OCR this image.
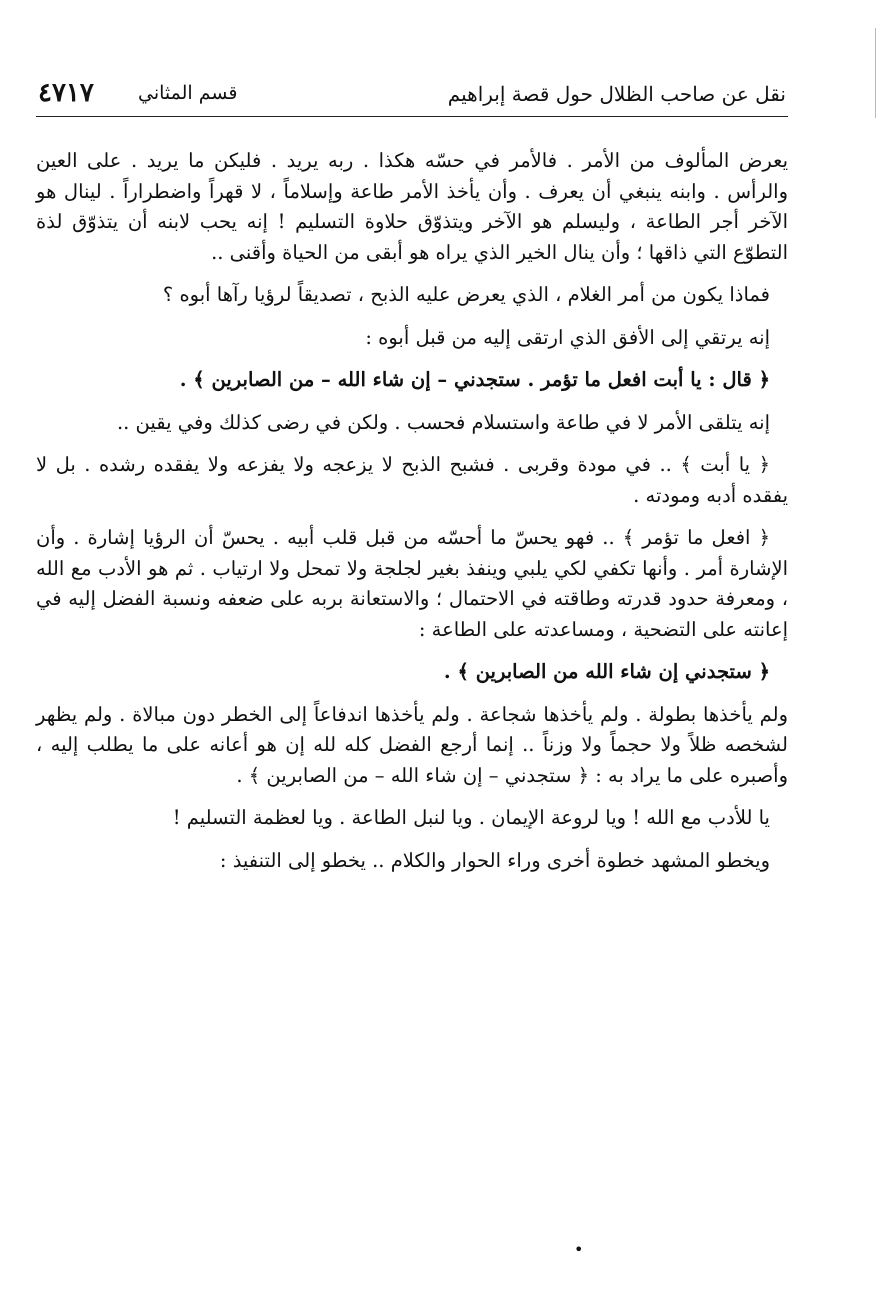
نقل عن صاحب الظلال حول قصة إبراهيم
قسم المثاني
٤٧١٧

يعرض المألوف من الأمر . فالأمر في حسّه هكذا . ربه يريد . فليكن ما يريد . على العين والرأس . وابنه ينبغي أن يعرف . وأن يأخذ الأمر طاعة وإسلاماً ، لا قهراً واضطراراً . لينال هو الآخر أجر الطاعة ، وليسلم هو الآخر ويتذوّق حلاوة التسليم ! إنه يحب لابنه أن يتذوّق لذة التطوّع التي ذاقها ؛ وأن ينال الخير الذي يراه هو أبقى من الحياة وأقنى ..

فماذا يكون من أمر الغلام ، الذي يعرض عليه الذبح ، تصديقاً لرؤيا رآها أبوه ؟

إنه يرتقي إلى الأفق الذي ارتقى إليه من قبل أبوه :

﴿ قال : يا أبت افعل ما تؤمر . ستجدني – إن شاء الله – من الصابرين ﴾ .

إنه يتلقى الأمر لا في طاعة واستسلام فحسب . ولكن في رضى كذلك وفي يقين ..

﴿ يا أبت ﴾ .. في مودة وقربى . فشبح الذبح لا يزعجه ولا يفزعه ولا يفقده رشده . بل لا يفقده أدبه ومودته .

﴿ افعل ما تؤمر ﴾ .. فهو يحسّ ما أحسّه من قبل قلب أبيه . يحسّ أن الرؤيا إشارة . وأن الإشارة أمر . وأنها تكفي لكي يلبي وينفذ بغير لجلجة ولا تمحل ولا ارتياب . ثم هو الأدب مع الله ، ومعرفة حدود قدرته وطاقته في الاحتمال ؛ والاستعانة بربه على ضعفه ونسبة الفضل إليه في إعانته على التضحية ، ومساعدته على الطاعة :

﴿ ستجدني إن شاء الله من الصابرين ﴾ .

ولم يأخذها بطولة . ولم يأخذها شجاعة . ولم يأخذها اندفاعاً إلى الخطر دون مبالاة . ولم يظهر لشخصه ظلاً ولا حجماً ولا وزناً .. إنما أرجع الفضل كله لله إن هو أعانه على ما يطلب إليه ، وأصبره على ما يراد به : ﴿ ستجدني – إن شاء الله – من الصابرين ﴾ .

يا للأدب مع الله ! ويا لروعة الإيمان . ويا لنبل الطاعة . ويا لعظمة التسليم !

ويخطو المشهد خطوة أخرى وراء الحوار والكلام .. يخطو إلى التنفيذ :

•
